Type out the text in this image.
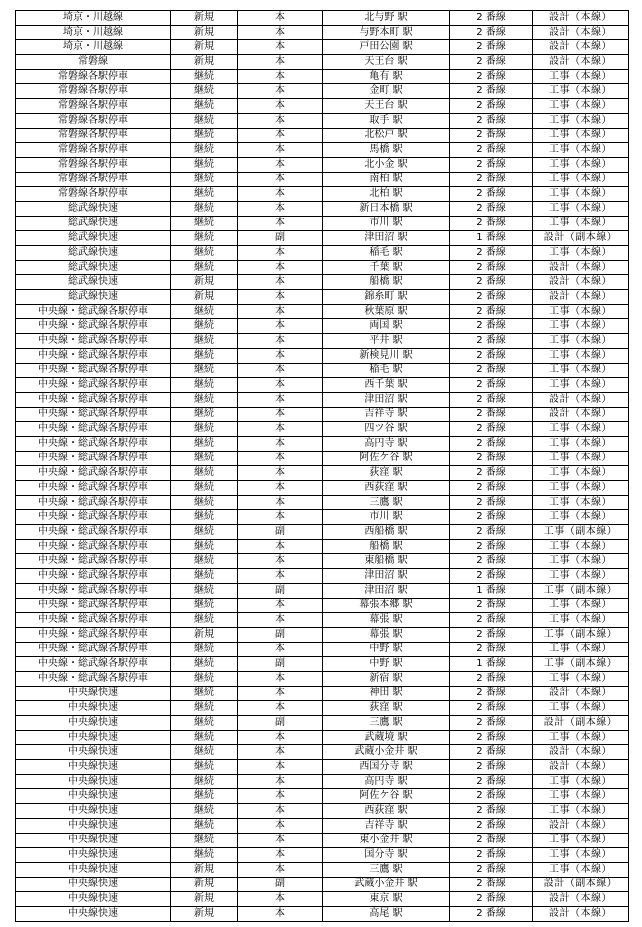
埼京・川越線	新規	本	北与野 駅	2 番線	設計（本線）
埼京・川越線	新規	本	与野本町 駅	2 番線	設計（本線）
埼京・川越線	新規	本	戸田公園 駅	2 番線	設計（本線）
常磐線	新規	本	天王台 駅	2 番線	設計（本線）
常磐線各駅停車	継続	本	亀有 駅	2 番線	工事（本線）
常磐線各駅停車	継続	本	金町 駅	2 番線	工事（本線）
常磐線各駅停車	継続	本	天王台 駅	2 番線	工事（本線）
常磐線各駅停車	継続	本	取手 駅	2 番線	工事（本線）
常磐線各駅停車	継続	本	北松戸 駅	2 番線	工事（本線）
常磐線各駅停車	継続	本	馬橋 駅	2 番線	工事（本線）
常磐線各駅停車	継続	本	北小金 駅	2 番線	工事（本線）
常磐線各駅停車	継続	本	南柏 駅	2 番線	工事（本線）
常磐線各駅停車	継続	本	北柏 駅	2 番線	工事（本線）
総武線快速	継続	本	新日本橋 駅	2 番線	工事（本線）
総武線快速	継続	本	市川 駅	2 番線	工事（本線）
総武線快速	継続	副	津田沼 駅	1 番線	設計（副本線）
総武線快速	継続	本	稲毛 駅	2 番線	工事（本線）
総武線快速	継続	本	千葉 駅	2 番線	設計（本線）
総武線快速	新規	本	船橋 駅	2 番線	設計（本線）
総武線快速	新規	本	錦糸町 駅	2 番線	設計（本線）
中央線・総武線各駅停車	継続	本	秋葉原 駅	2 番線	工事（本線）
中央線・総武線各駅停車	継続	本	両国 駅	2 番線	工事（本線）
中央線・総武線各駅停車	継続	本	平井 駅	2 番線	工事（本線）
中央線・総武線各駅停車	継続	本	新検見川 駅	2 番線	工事（本線）
中央線・総武線各駅停車	継続	本	稲毛 駅	2 番線	工事（本線）
中央線・総武線各駅停車	継続	本	西千葉 駅	2 番線	工事（本線）
中央線・総武線各駅停車	継続	本	津田沼 駅	2 番線	設計（本線）
中央線・総武線各駅停車	継続	本	吉祥寺 駅	2 番線	設計（本線）
中央線・総武線各駅停車	継続	本	四ツ谷 駅	2 番線	工事（本線）
中央線・総武線各駅停車	継続	本	高円寺 駅	2 番線	工事（本線）
中央線・総武線各駅停車	継続	本	阿佐ケ谷 駅	2 番線	工事（本線）
中央線・総武線各駅停車	継続	本	荻窪 駅	2 番線	工事（本線）
中央線・総武線各駅停車	継続	本	西荻窪 駅	2 番線	工事（本線）
中央線・総武線各駅停車	継続	本	三鷹 駅	2 番線	工事（本線）
中央線・総武線各駅停車	継続	本	市川 駅	2 番線	工事（本線）
中央線・総武線各駅停車	継続	副	西船橋 駅	2 番線	工事（副本線）
中央線・総武線各駅停車	継続	本	船橋 駅	2 番線	工事（本線）
中央線・総武線各駅停車	継続	本	東船橋 駅	2 番線	工事（本線）
中央線・総武線各駅停車	継続	本	津田沼 駅	2 番線	工事（本線）
中央線・総武線各駅停車	継続	副	津田沼 駅	1 番線	工事（副本線）
中央線・総武線各駅停車	継続	本	幕張本郷 駅	2 番線	工事（本線）
中央線・総武線各駅停車	継続	本	幕張 駅	2 番線	工事（本線）
中央線・総武線各駅停車	新規	副	幕張 駅	2 番線	工事（副本線）
中央線・総武線各駅停車	継続	本	中野 駅	2 番線	工事（本線）
中央線・総武線各駅停車	継続	副	中野 駅	1 番線	工事（副本線）
中央線・総武線各駅停車	継続	本	新宿 駅	2 番線	工事（本線）
中央線快速	継続	本	神田 駅	2 番線	設計（本線）
中央線快速	継続	本	荻窪 駅	2 番線	工事（本線）
中央線快速	継続	副	三鷹 駅	2 番線	設計（副本線）
中央線快速	継続	本	武蔵境 駅	2 番線	工事（本線）
中央線快速	継続	本	武蔵小金井 駅	2 番線	設計（本線）
中央線快速	継続	本	西国分寺 駅	2 番線	設計（本線）
中央線快速	継続	本	高円寺 駅	2 番線	工事（本線）
中央線快速	継続	本	阿佐ケ谷 駅	2 番線	工事（本線）
中央線快速	継続	本	西荻窪 駅	2 番線	工事（本線）
中央線快速	継続	本	吉祥寺 駅	2 番線	設計（本線）
中央線快速	継続	本	東小金井 駅	2 番線	工事（本線）
中央線快速	継続	本	国分寺 駅	2 番線	工事（本線）
中央線快速	新規	本	三鷹 駅	2 番線	工事（本線）
中央線快速	新規	副	武蔵小金井 駅	2 番線	設計（副本線）
中央線快速	新規	本	東京 駅	2 番線	設計（本線）
中央線快速	新規	本	高尾 駅	2 番線	設計（本線）
